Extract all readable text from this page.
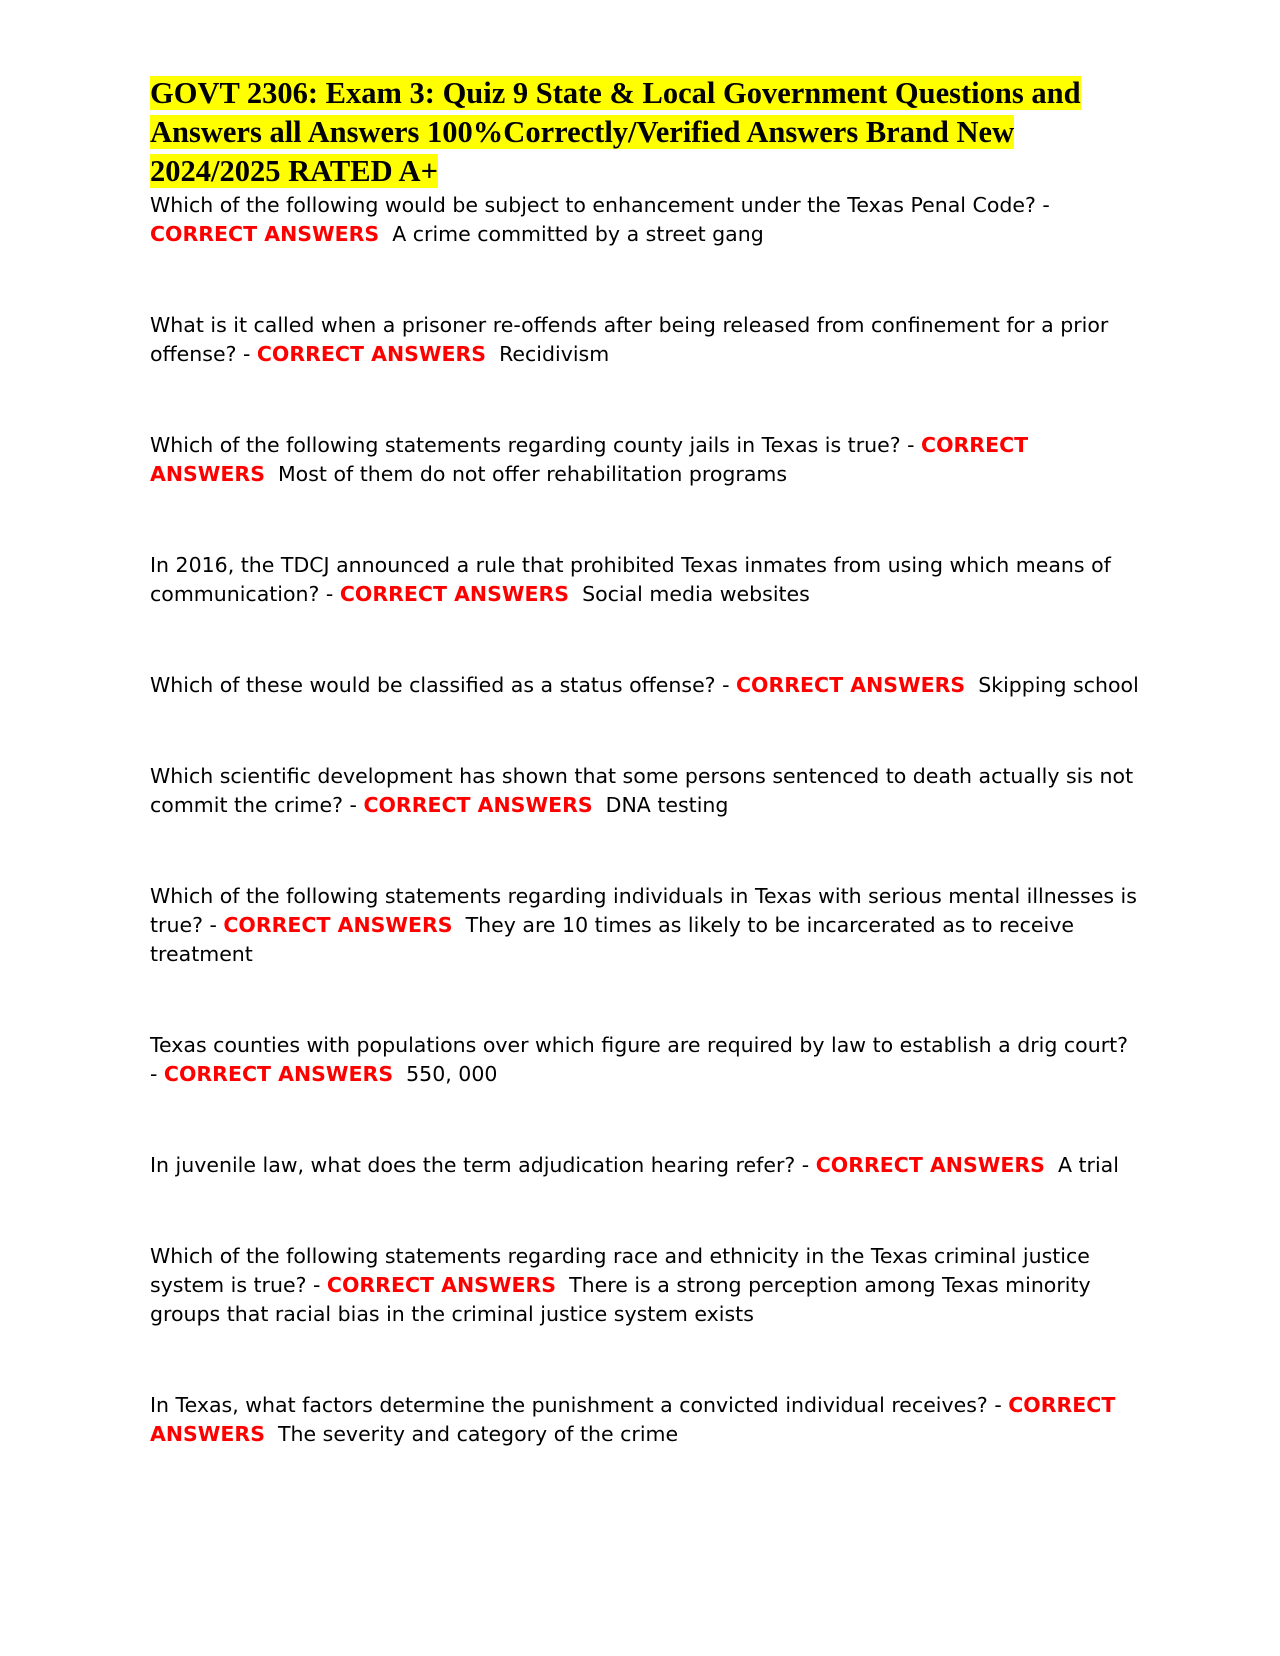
GOVT 2306: Exam 3: Quiz 9 State & Local Government Questions and Answers all Answers 100%Correctly/Verified Answers Brand New 2024/2025 RATED A+

Which of the following would be subject to enhancement under the Texas Penal Code? - CORRECT ANSWERS A crime committed by a street gang

What is it called when a prisoner re-offends after being released from confinement for a prior offense? - CORRECT ANSWERS Recidivism

Which of the following statements regarding county jails in Texas is true? - CORRECT ANSWERS Most of them do not offer rehabilitation programs

In 2016, the TDCJ announced a rule that prohibited Texas inmates from using which means of communication? - CORRECT ANSWERS Social media websites

Which of these would be classified as a status offense? - CORRECT ANSWERS Skipping school

Which scientific development has shown that some persons sentenced to death actually sis not commit the crime? - CORRECT ANSWERS DNA testing

Which of the following statements regarding individuals in Texas with serious mental illnesses is true? - CORRECT ANSWERS They are 10 times as likely to be incarcerated as to receive treatment

Texas counties with populations over which figure are required by law to establish a drig court? - CORRECT ANSWERS 550, 000

In juvenile law, what does the term adjudication hearing refer? - CORRECT ANSWERS A trial

Which of the following statements regarding race and ethnicity in the Texas criminal justice system is true? - CORRECT ANSWERS There is a strong perception among Texas minority groups that racial bias in the criminal justice system exists

In Texas, what factors determine the punishment a convicted individual receives? - CORRECT ANSWERS The severity and category of the crime
